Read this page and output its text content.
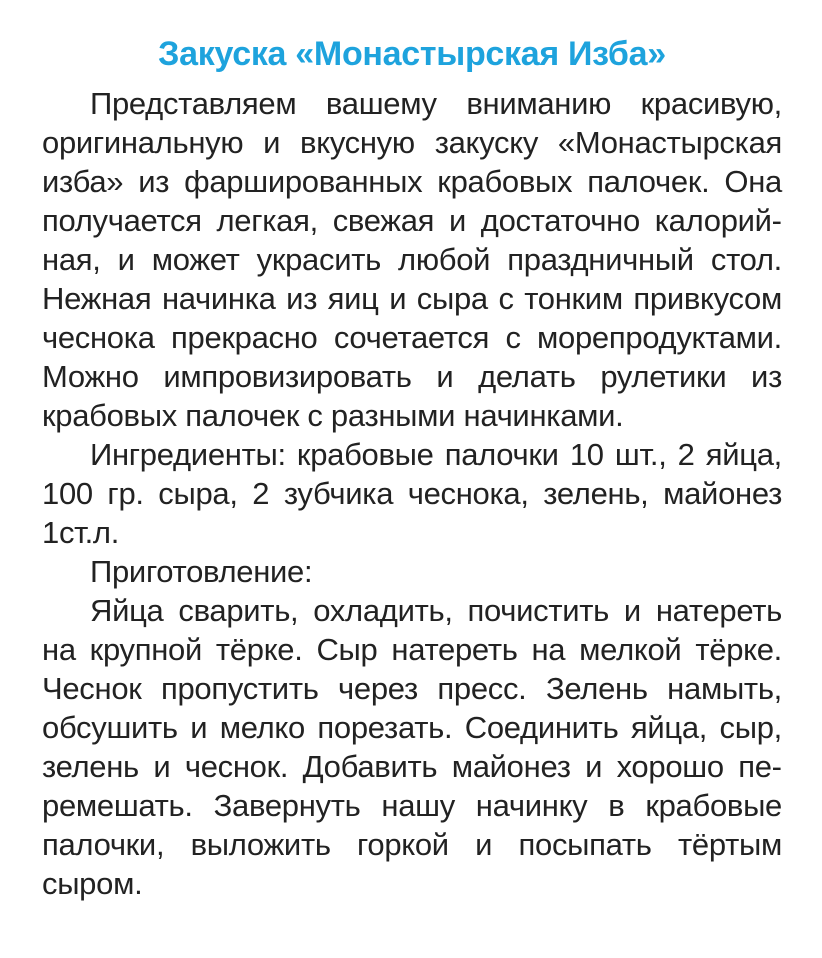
Закуска «Монастырская Изба»

Представляем вашему вниманию красивую, оригинальную и вкусную закуску «Монастырская изба» из фаршированных крабовых палочек. Она получается легкая, свежая и достаточно калорийная, и может украсить любой праздничный стол. Нежная начинка из яиц и сыра с тонким привкусом чеснока прекрасно сочетается с морепродуктами. Можно импровизировать и делать рулетики из крабовых палочек с разными начинками.

Ингредиенты: крабовые палочки 10 шт., 2 яйца, 100 гр. сыра, 2 зубчика чеснока, зелень, майонез 1ст.л.

Приготовление:

Яйца сварить, охладить, почистить и натереть на крупной тёрке. Сыр натереть на мелкой тёрке. Чеснок пропустить через пресс. Зелень намыть, обсушить и мелко порезать. Соединить яйца, сыр, зелень и чеснок. Добавить майонез и хорошо перемешать. Завернуть нашу начинку в крабовые палочки, выложить горкой и посыпать тёртым сыром.
